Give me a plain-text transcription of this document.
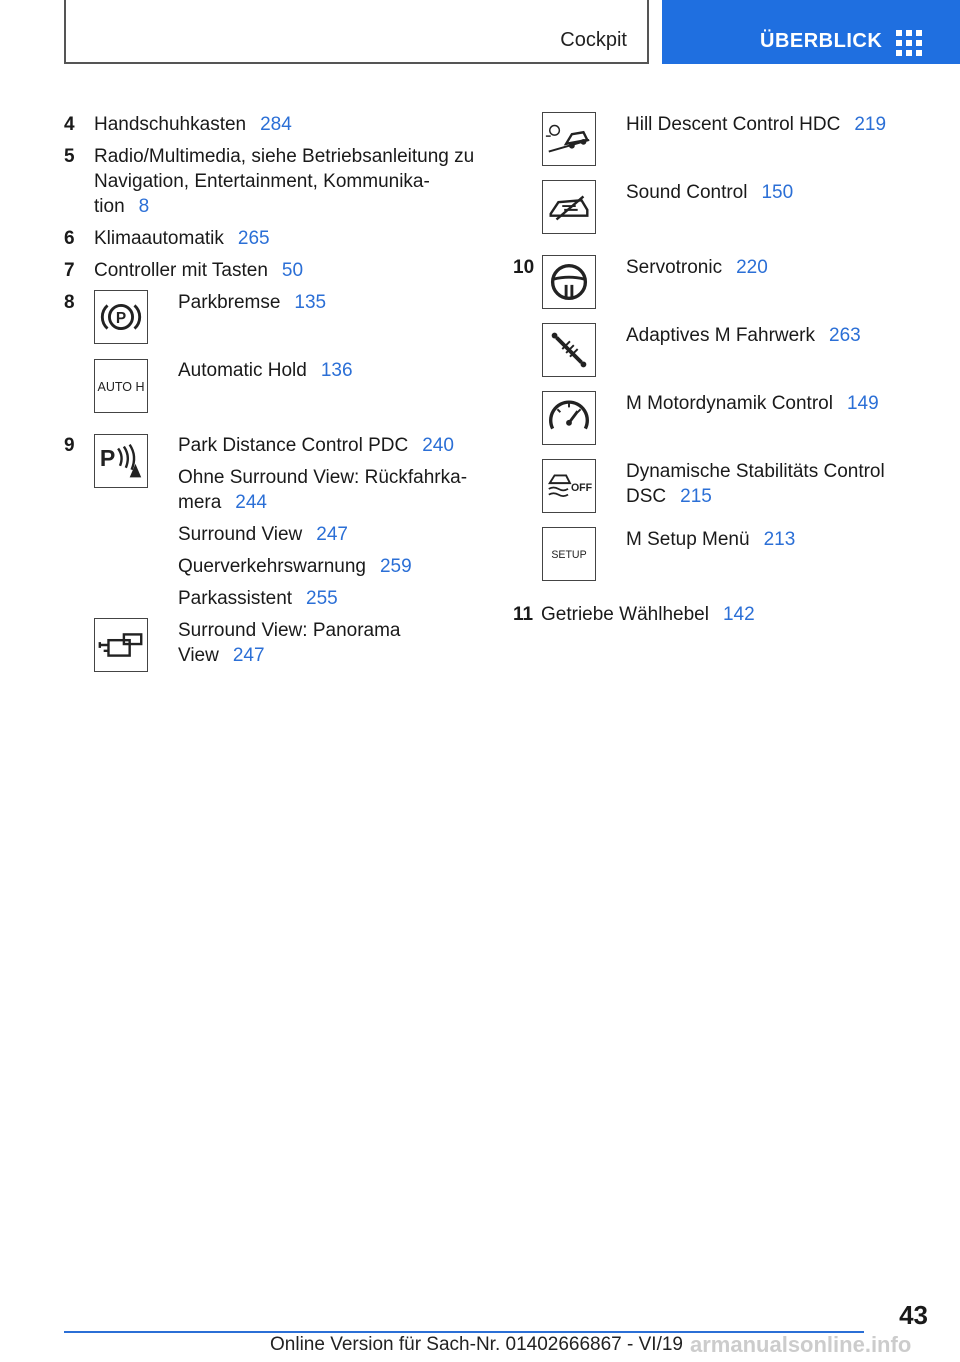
Cockpit	ÜBERBLICK
4 Handschuhkasten 284
5 Radio/Multimedia, siehe Betriebsanleitung zu
Navigation, Entertainment, Kommunika-
tion 8
6 Klimaautomatik 265
7 Controller mit Tasten 50
8
P
Parkbremse 135
AUTO H
Automatic Hold 136
9 P	Park Distance Control PDC 240
Ohne Surround View: Rückfahrka-
mera 244
Surround View 247
Querverkehrswarnung 259
Parkassistent 255
Surround View: Panorama
View 247
Hill Descent Control HDC 219
Sound Control 150
10	Servotronic 220
Adaptives M Fahrwerk 263
M Motordynamik Control 149
OFF
Dynamische Stabilitäts Control
DSC 215
SETUP
M Setup Menü 213
11 Getriebe Wählhebel 142
43
Online Version für Sach-Nr. 01402666867 - VI/19 armanualsonline.info
